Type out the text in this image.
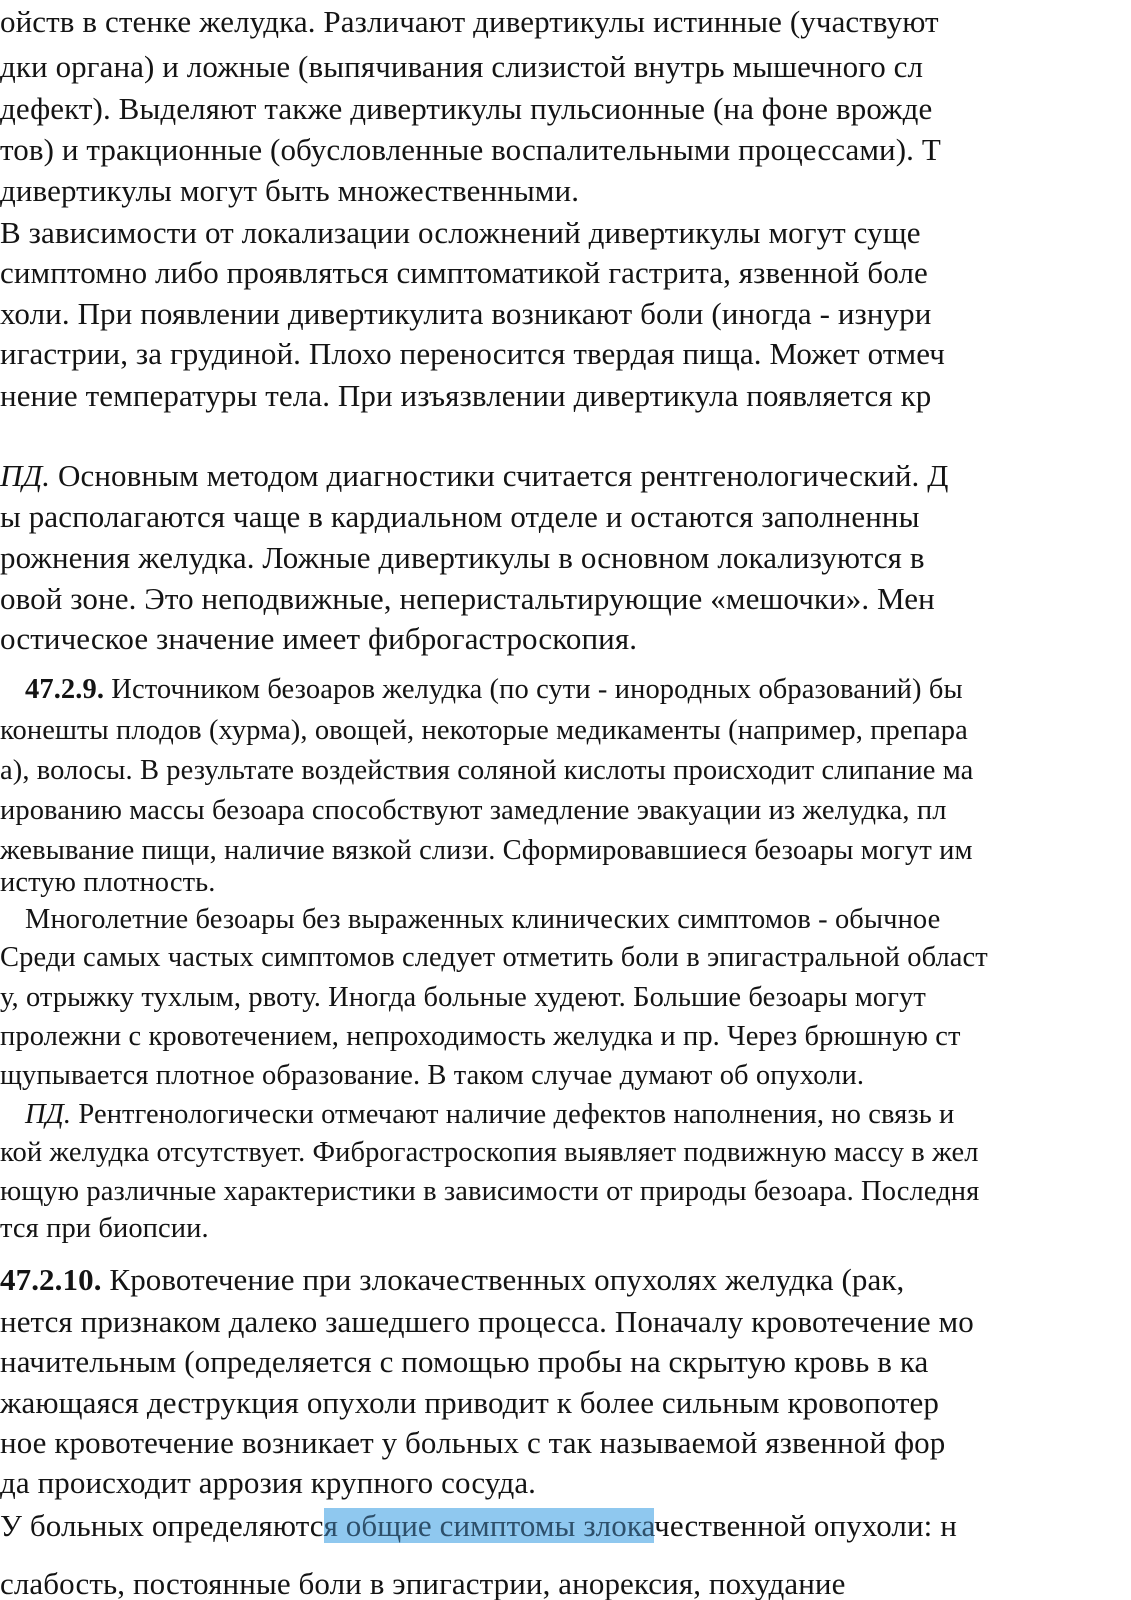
ойств в стенке желудка. Различают дивертикулы истинные (участвуют
дки органа) и ложные (выпячивания слизистой внутрь мышечного сл
дефект). Выделяют также дивертикулы пульсионные (на фоне врожде
тов) и тракционные (обусловленные воспалительными процессами). Т
дивертикулы могут быть множественными.
В зависимости от локализации осложнений дивертикулы могут суще
симптомно либо проявляться симптоматикой гастрита, язвенной боле
холи. При появлении дивертикулита возникают боли (иногда - изнури
игастрии, за грудиной. Плохо переносится твердая пища. Может отмеч
нение температуры тела. При изъязвлении дивертикула появляется кр
ПД. Основным методом диагностики считается рентгенологический. Д
ы располагаются чаще в кардиальном отделе и остаются заполненны
рожнения желудка. Ложные дивертикулы в основном локализуются в
овой зоне. Это неподвижные, неперистальтирующие «мешочки». Мен
остическое значение имеет фиброгастроскопия.
47.2.9. Источником безоаров желудка (по сути - инородных образований) бы
конешты плодов (хурма), овощей, некоторые медикаменты (например, препара
а), волосы. В результате воздействия соляной кислоты происходит слипание ма
ированию массы безоара способствуют замедление эвакуации из желудка, пл
жевывание пищи, наличие вязкой слизи. Сформировавшиеся безоары могут им
истую плотность.
Многолетние безоары без выраженных клинических симптомов - обычное
Среди самых частых симптомов следует отметить боли в эпигастральной област
у, отрыжку тухлым, рвоту. Иногда больные худеют. Большие безоары могут
пролежни с кровотечением, непроходимость желудка и пр. Через брюшную ст
щупывается плотное образование. В таком случае думают об опухоли.
ПД. Рентгенологически отмечают наличие дефектов наполнения, но связь и
кой желудка отсутствует. Фиброгастроскопия выявляет подвижную массу в жел
ющую различные характеристики в зависимости от природы безоара. Последня
тся при биопсии.
47.2.10. Кровотечение при злокачественных опухолях желудка (рак,
нется признаком далеко зашедшего процесса. Поначалу кровотечение мо
начительным (определяется с помощью пробы на скрытую кровь в ка
жающаяся деструкция опухоли приводит к более сильным кровопотер
ное кровотечение возникает у больных с так называемой язвенной фор
да происходит аррозия крупного сосуда.
У больных определяются общие симптомы злокачественной опухоли: н
слабость, постоянные боли в эпигастрии, анорексия, похудание
